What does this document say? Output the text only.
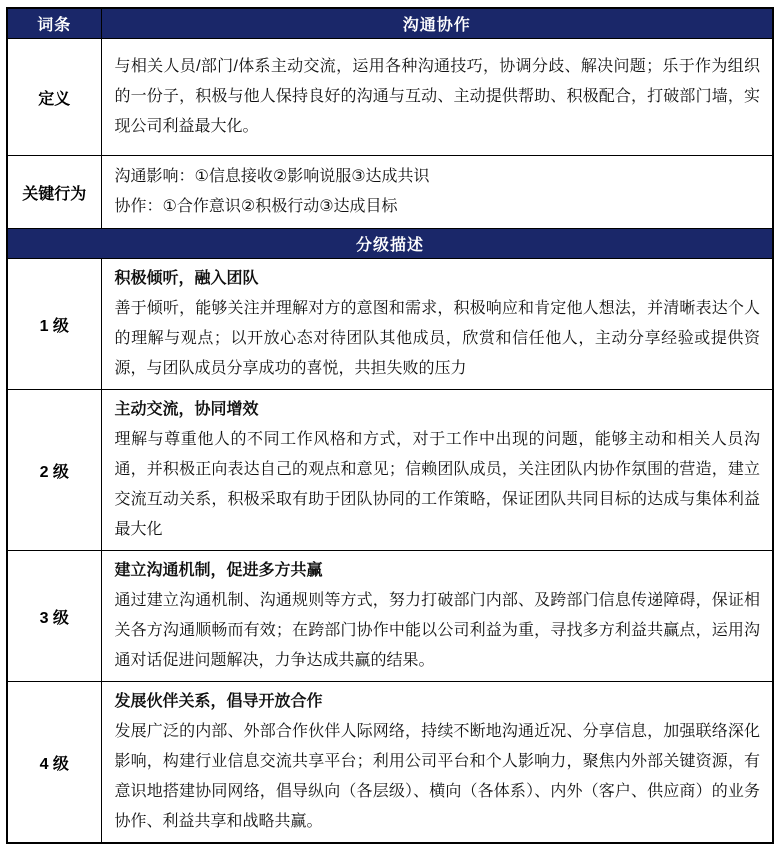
词条	沟通协作
定义	与相关人员/部门/体系主动交流，运用各种沟通技巧，协调分歧、解决问题；乐于作为组织的一份子，积极与他人保持良好的沟通与互动、主动提供帮助、积极配合，打破部门墙，实现公司利益最大化。
关键行为	沟通影响：①信息接收②影响说服③达成共识
协作：①合作意识②积极行动③达成目标

分级描述	
1 级	积极倾听，融入团队
善于倾听，能够关注并理解对方的意图和需求，积极响应和肯定他人想法，并清晰表达个人的理解与观点；以开放心态对待团队其他成员，欣赏和信任他人，主动分享经验或提供资源，与团队成员分享成功的喜悦，共担失败的压力

2 级	主动交流，协同增效
理解与尊重他人的不同工作风格和方式，对于工作中出现的问题，能够主动和相关人员沟通，并积极正向表达自己的观点和意见；信赖团队成员，关注团队内协作氛围的营造，建立交流互动关系，积极采取有助于团队协同的工作策略，保证团队共同目标的达成与集体利益最大化

3 级	建立沟通机制，促进多方共赢
通过建立沟通机制、沟通规则等方式，努力打破部门内部、及跨部门信息传递障碍，保证相关各方沟通顺畅而有效；在跨部门协作中能以公司利益为重，寻找多方利益共赢点，运用沟通对话促进问题解决，力争达成共赢的结果。

4 级	发展伙伴关系，倡导开放合作
发展广泛的内部、外部合作伙伴人际网络，持续不断地沟通近况、分享信息，加强联络深化影响，构建行业信息交流共享平台；利用公司平台和个人影响力，聚焦内外部关键资源，有意识地搭建协同网络，倡导纵向（各层级）、横向（各体系）、内外（客户、供应商）的业务协作、利益共享和战略共赢。
